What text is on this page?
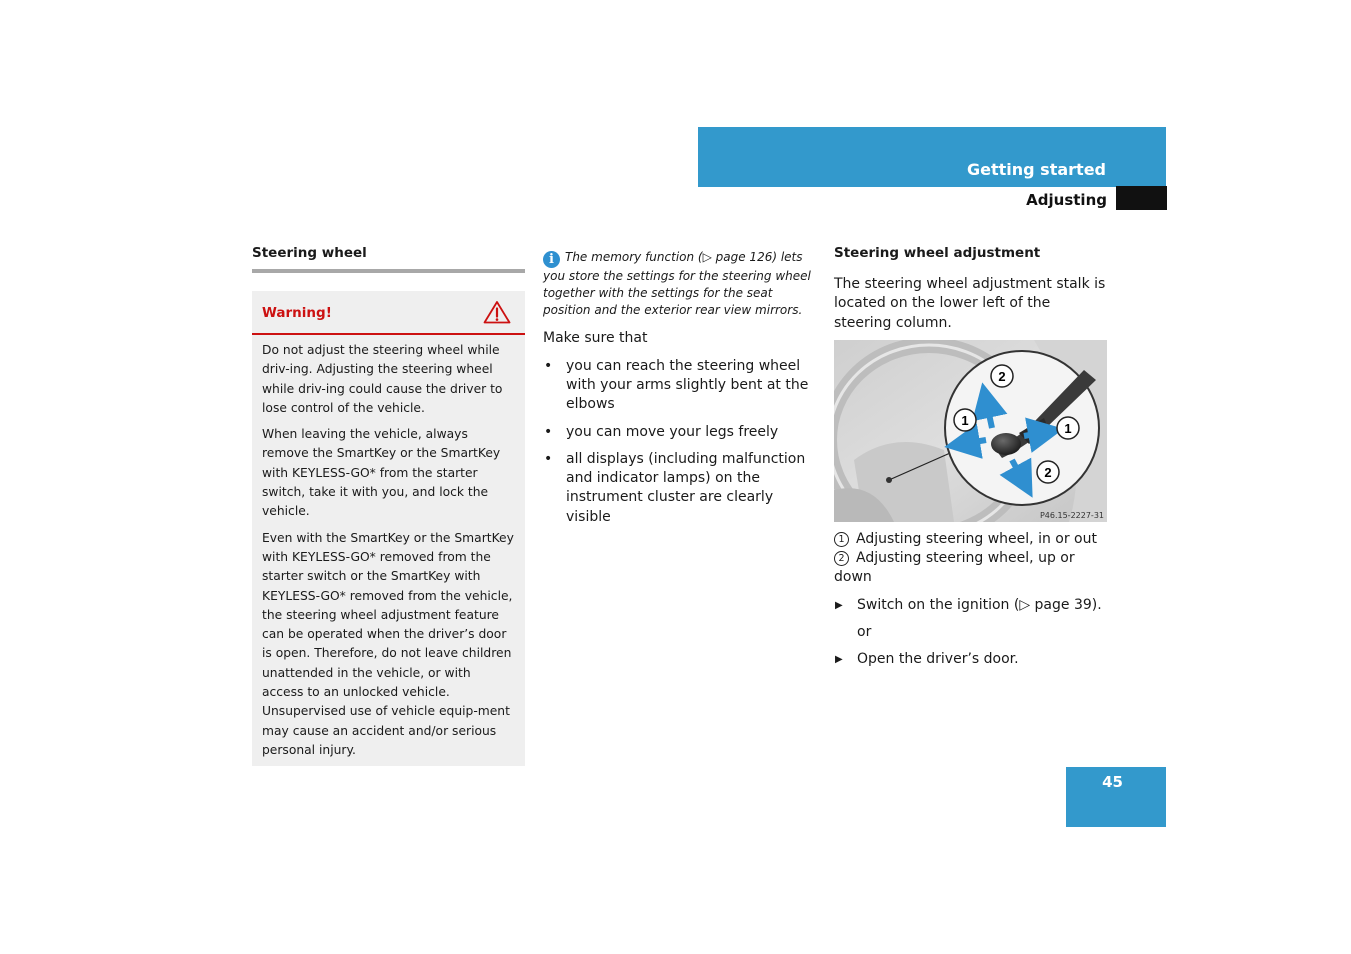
Getting started
Adjusting
Steering wheel
Warning!

Do not adjust the steering wheel while driv-ing. Adjusting the steering wheel while driv-ing could cause the driver to lose control of the vehicle.

When leaving the vehicle, always remove the SmartKey or the SmartKey with KEYLESS-GO* from the starter switch, take it with you, and lock the vehicle.

Even with the SmartKey or the SmartKey with KEYLESS-GO* removed from the starter switch or the SmartKey with KEYLESS-GO* removed from the vehicle, the steering wheel adjustment feature can be operated when the driver’s door is open. Therefore, do not leave children unattended in the vehicle, or with access to an unlocked vehicle. Unsupervised use of vehicle equip-ment may cause an accident and/or serious personal injury.

i The memory function (▷ page 126) lets you store the settings for the steering wheel together with the settings for the seat position and the exterior rear view mirrors.

Make sure that

• you can reach the steering wheel with your arms slightly bent at the elbows
• you can move your legs freely
• all displays (including malfunction and indicator lamps) on the instrument cluster are clearly visible
Steering wheel adjustment

The steering wheel adjustment stalk is located on the lower left of the steering column.

2
1
1
2
P46.15-2227-31
1 Adjusting steering wheel, in or out
2 Adjusting steering wheel, up or down
▶ Switch on the ignition (▷ page 39).
or
▶ Open the driver’s door.
45
